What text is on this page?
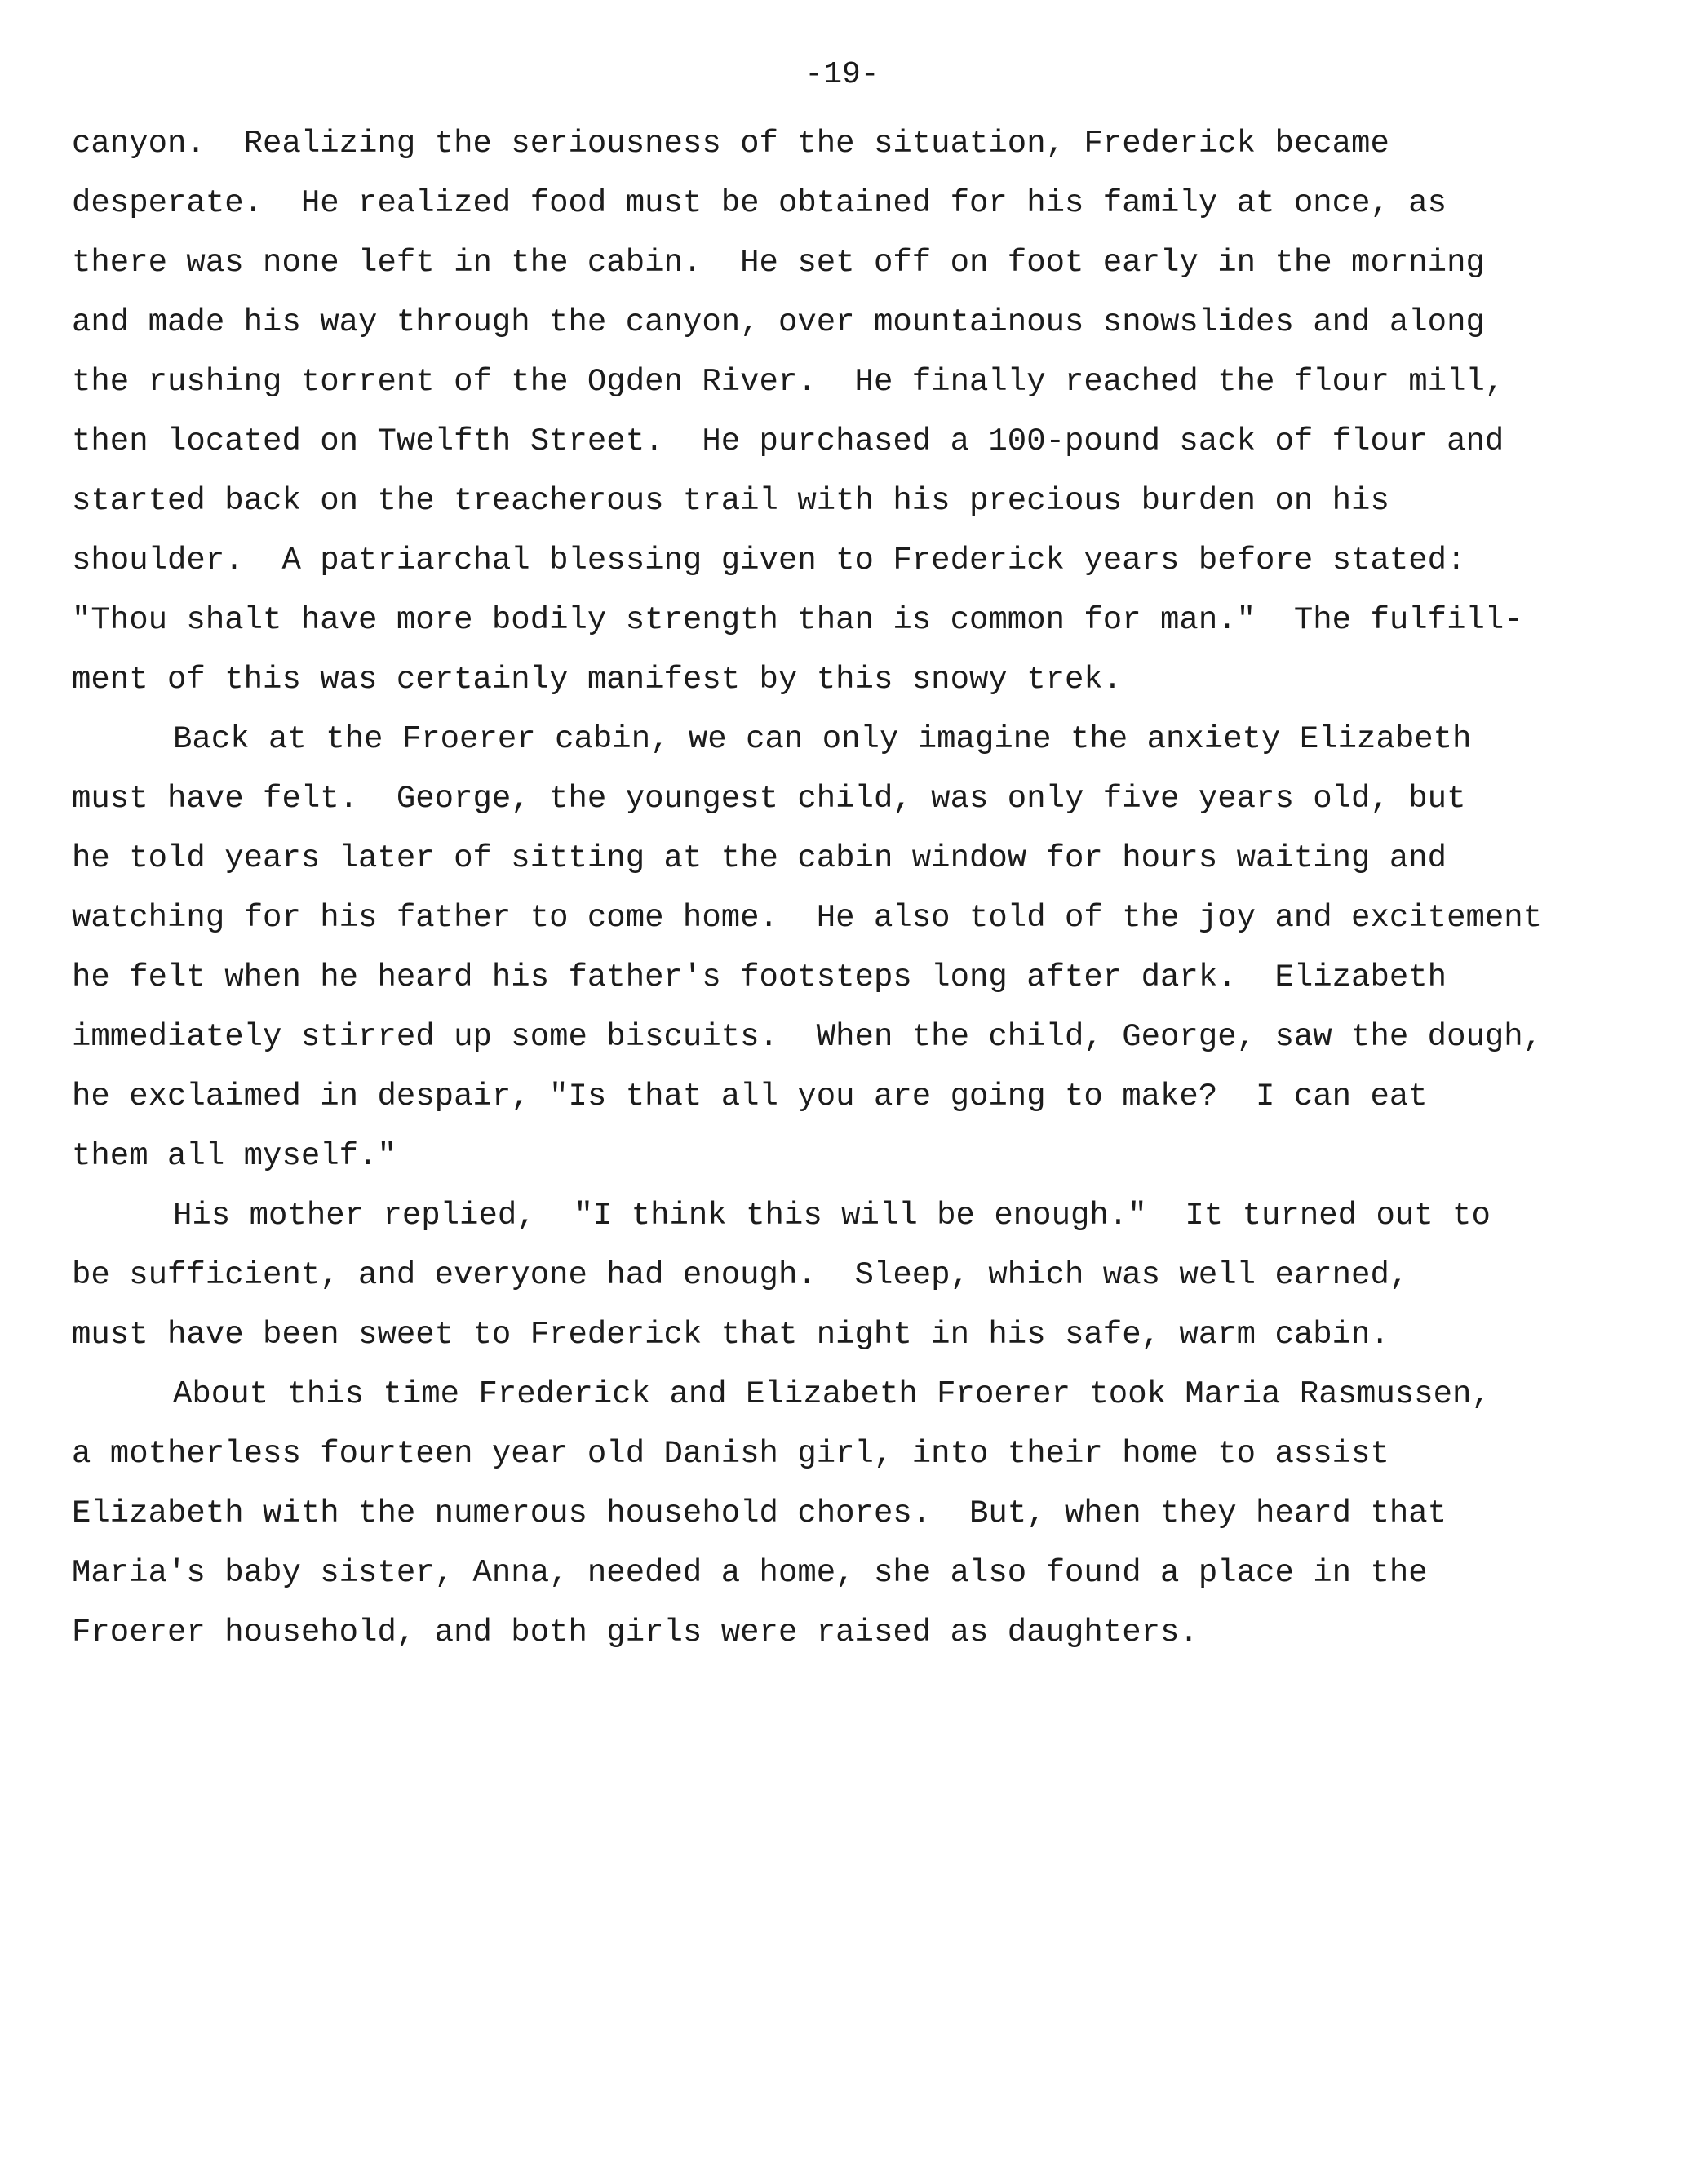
-19-
canyon.  Realizing the seriousness of the situation, Frederick became
desperate.  He realized food must be obtained for his family at once, as
there was none left in the cabin.  He set off on foot early in the morning
and made his way through the canyon, over mountainous snowslides and along
the rushing torrent of the Ogden River.  He finally reached the flour mill,
then located on Twelfth Street.  He purchased a 100-pound sack of flour and
started back on the treacherous trail with his precious burden on his
shoulder.  A patriarchal blessing given to Frederick years before stated:
"Thou shalt have more bodily strength than is common for man."  The fulfill-
ment of this was certainly manifest by this snowy trek.
Back at the Froerer cabin, we can only imagine the anxiety Elizabeth
must have felt.  George, the youngest child, was only five years old, but
he told years later of sitting at the cabin window for hours waiting and
watching for his father to come home.  He also told of the joy and excitement
he felt when he heard his father's footsteps long after dark.  Elizabeth
immediately stirred up some biscuits.  When the child, George, saw the dough,
he exclaimed in despair, "Is that all you are going to make?  I can eat
them all myself."
His mother replied,  "I think this will be enough."  It turned out to
be sufficient, and everyone had enough.  Sleep, which was well earned,
must have been sweet to Frederick that night in his safe, warm cabin.
About this time Frederick and Elizabeth Froerer took Maria Rasmussen,
a motherless fourteen year old Danish girl, into their home to assist
Elizabeth with the numerous household chores.  But, when they heard that
Maria's baby sister, Anna, needed a home, she also found a place in the
Froerer household, and both girls were raised as daughters.
